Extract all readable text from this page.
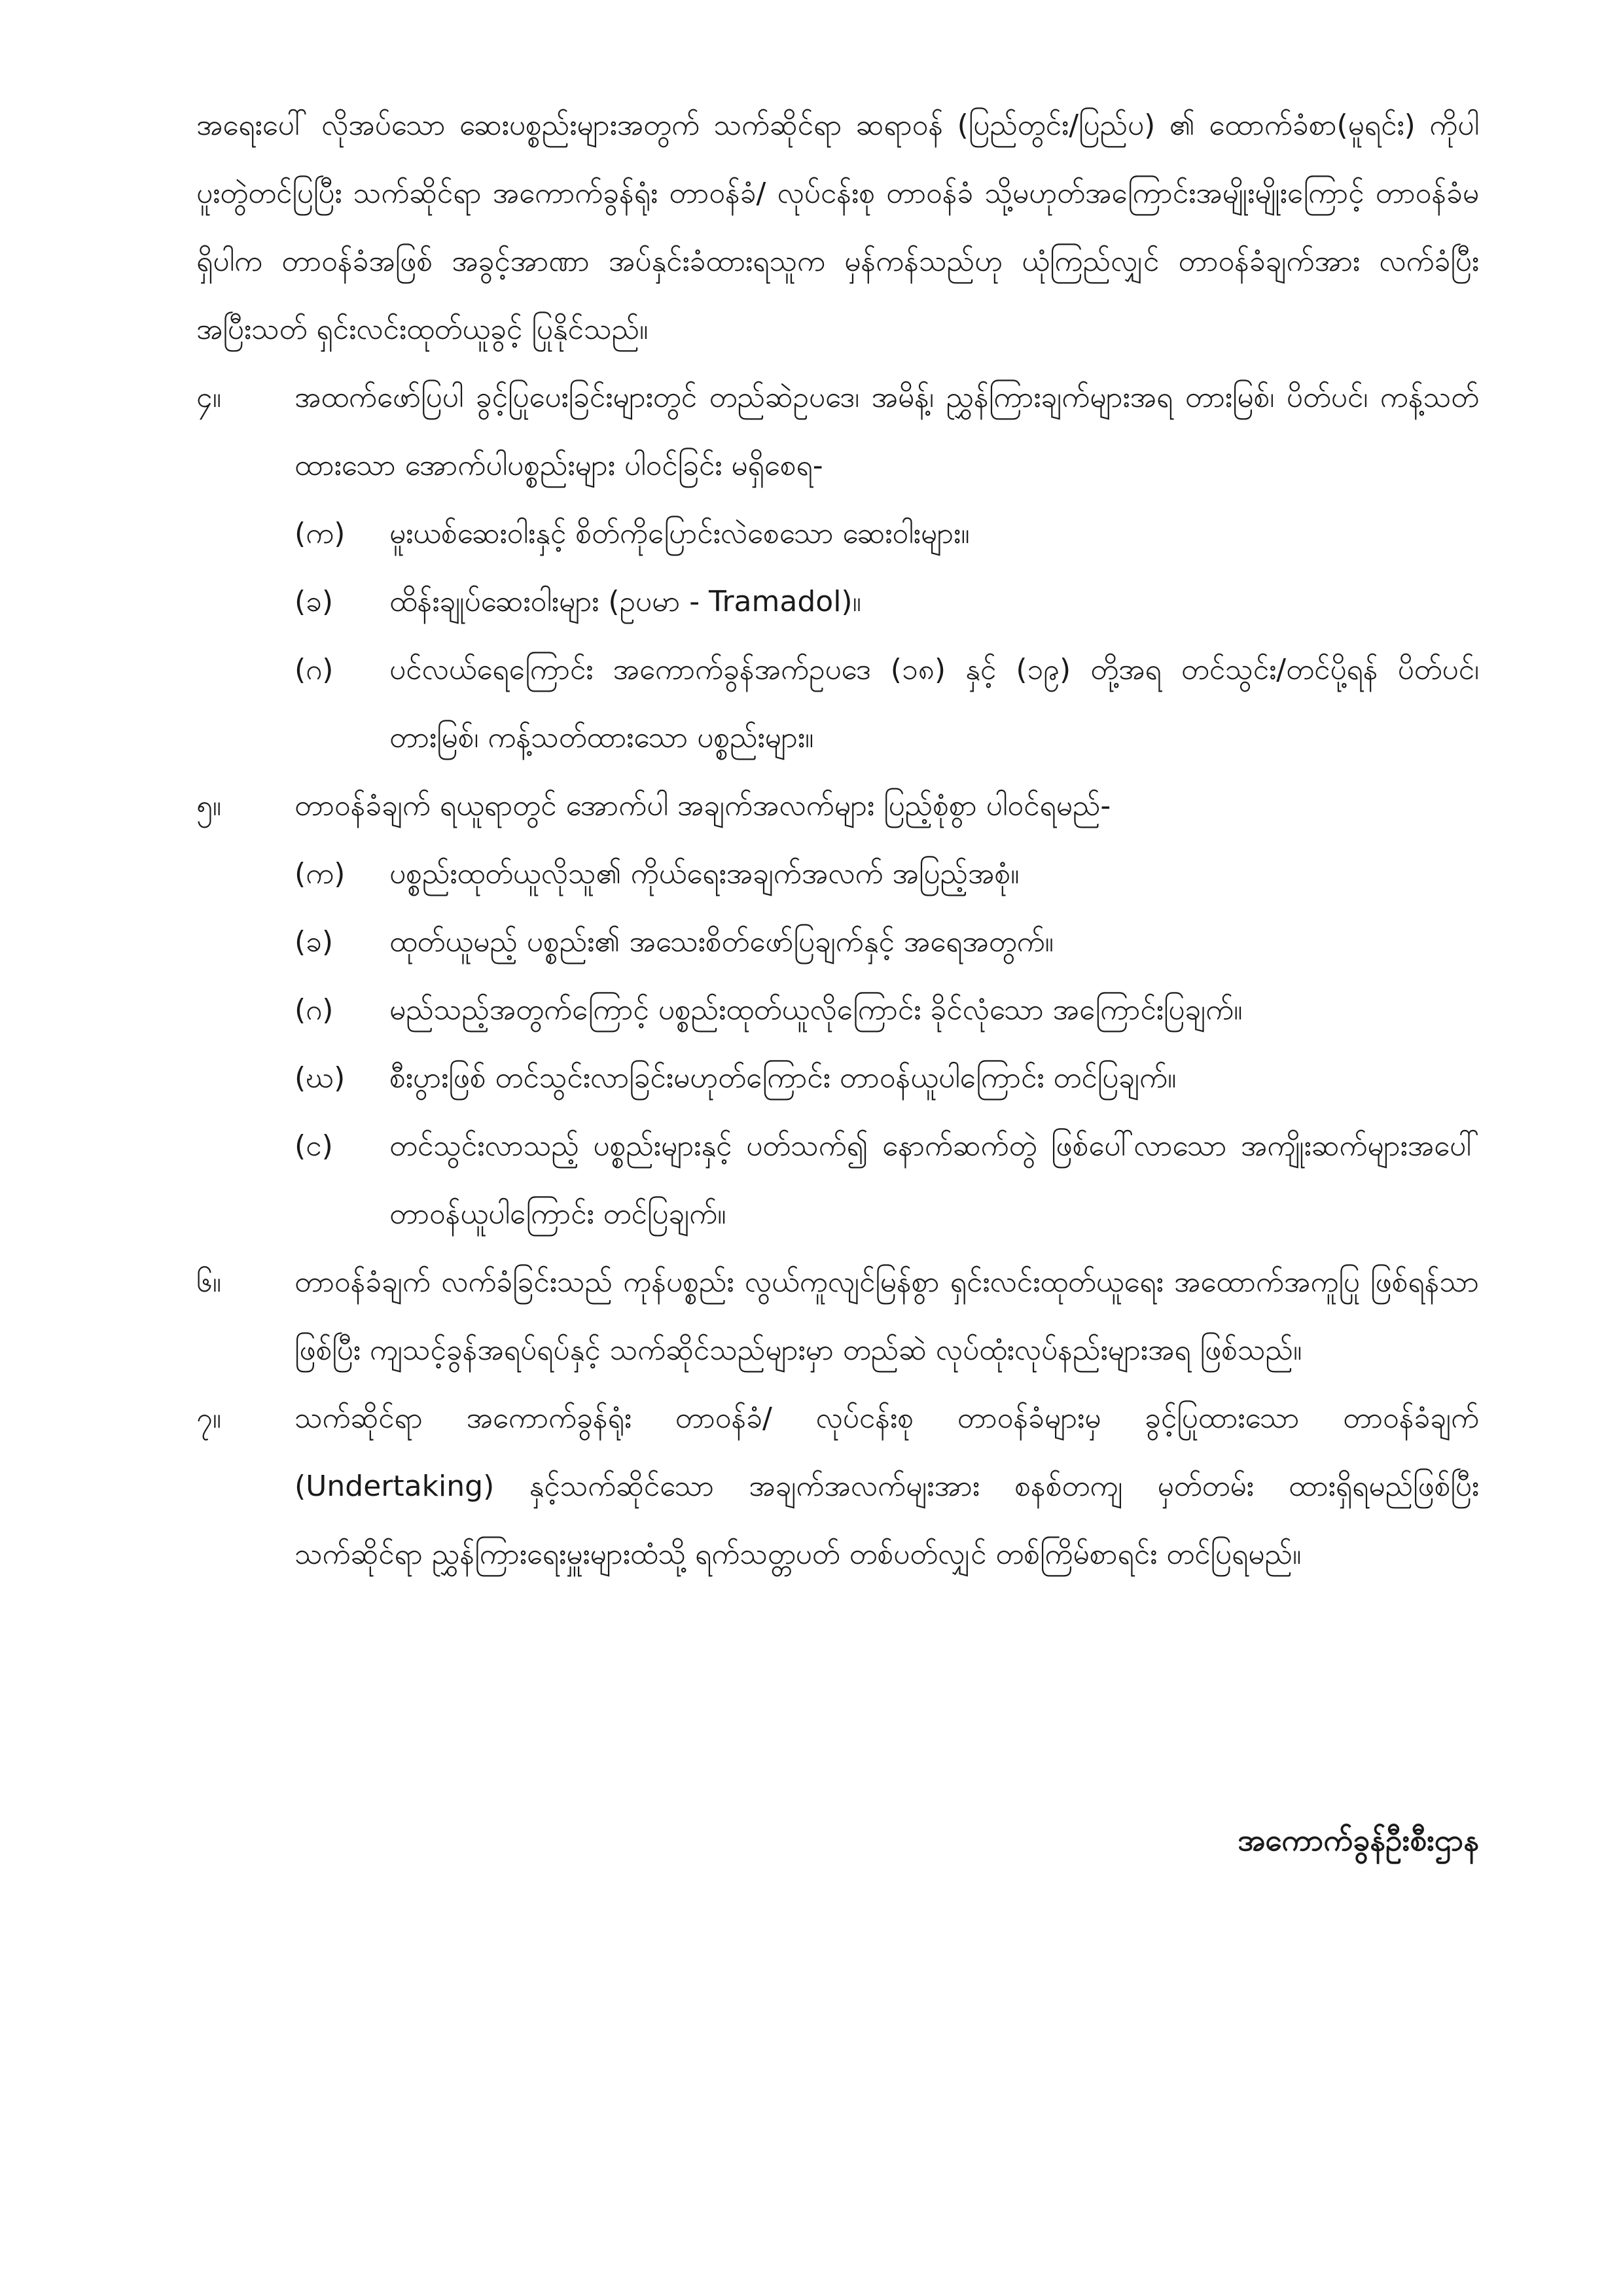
အရေးပေါ် လိုအပ်သော ဆေးပစ္စည်းများအတွက် သက်ဆိုင်ရာ ဆရာဝန် (ပြည်တွင်း/ပြည်ပ) ၏ ထောက်ခံစာ(မူရင်း) ကိုပါ ပူးတွဲတင်ပြပြီး သက်ဆိုင်ရာ အကောက်ခွန်ရုံး တာဝန်ခံ/ လုပ်ငန်းစု တာဝန်ခံ သို့မဟုတ်အကြောင်းအမျိုးမျိုးကြောင့် တာဝန်ခံမရှိပါက တာဝန်ခံအဖြစ် အခွင့်အာဏာ အပ်နှင်းခံထားရသူက မှန်ကန်သည်ဟု ယုံကြည်လျှင် တာဝန်ခံချက်အား လက်ခံပြီး အပြီးသတ် ရှင်းလင်းထုတ်ယူခွင့် ပြုနိုင်သည်။

၄။	အထက်ဖော်ပြပါ ခွင့်ပြုပေးခြင်းများတွင် တည်ဆဲဥပဒေ၊ အမိန့်၊ ညွှန်ကြားချက်များအရ တားမြစ်၊ ပိတ်ပင်၊ ကန့်သတ်ထားသော အောက်ပါပစ္စည်းများ ပါဝင်ခြင်း မရှိစေရ-
(က)	မူးယစ်ဆေးဝါးနှင့် စိတ်ကိုပြောင်းလဲစေသော ဆေးဝါးများ။
(ခ)	ထိန်းချုပ်ဆေးဝါးများ (ဥပမာ - Tramadol)။
(ဂ)	ပင်လယ်ရေကြောင်း အကောက်ခွန်အက်ဥပဒေ (၁၈) နှင့် (၁၉) တို့အရ တင်သွင်း/တင်ပို့ရန် ပိတ်ပင်၊ တားမြစ်၊ ကန့်သတ်ထားသော ပစ္စည်းများ။
၅။	တာဝန်ခံချက် ရယူရာတွင် အောက်ပါ အချက်အလက်များ ပြည့်စုံစွာ ပါဝင်ရမည်-
(က)	ပစ္စည်းထုတ်ယူလိုသူ၏ ကိုယ်ရေးအချက်အလက် အပြည့်အစုံ။
(ခ)	ထုတ်ယူမည့် ပစ္စည်း၏ အသေးစိတ်ဖော်ပြချက်နှင့် အရေအတွက်။
(ဂ)	မည်သည့်အတွက်ကြောင့် ပစ္စည်းထုတ်ယူလိုကြောင်း ခိုင်လုံသော အကြောင်းပြချက်။
(ဃ)	စီးပွားဖြစ် တင်သွင်းလာခြင်းမဟုတ်ကြောင်း တာဝန်ယူပါကြောင်း တင်ပြချက်။
(င)	တင်သွင်းလာသည့် ပစ္စည်းများနှင့် ပတ်သက်၍ နောက်ဆက်တွဲ ဖြစ်ပေါ်လာသော အကျိုးဆက်များအပေါ် တာဝန်ယူပါကြောင်း တင်ပြချက်။
၆။	တာဝန်ခံချက် လက်ခံခြင်းသည် ကုန်ပစ္စည်း လွယ်ကူလျင်မြန်စွာ ရှင်းလင်းထုတ်ယူရေး အထောက်အကူပြု ဖြစ်ရန်သာဖြစ်ပြီး ကျသင့်ခွန်အရပ်ရပ်နှင့် သက်ဆိုင်သည်များမှာ တည်ဆဲ လုပ်ထုံးလုပ်နည်းများအရ ဖြစ်သည်။
၇။	သက်ဆိုင်ရာ အကောက်ခွန်ရုံး တာဝန်ခံ/ လုပ်ငန်းစု တာဝန်ခံများမှ ခွင့်ပြုထားသော တာဝန်ခံချက် (Undertaking) နှင့်သက်ဆိုင်သော အချက်အလက်မျးအား စနစ်တကျ မှတ်တမ်း ထားရှိရမည်ဖြစ်ပြီး သက်ဆိုင်ရာ ညွှန်ကြားရေးမှူးများထံသို့ ရက်သတ္တပတ် တစ်ပတ်လျှင် တစ်ကြိမ်စာရင်း တင်ပြရမည်။
အကောက်ခွန်ဦးစီးဌာန
